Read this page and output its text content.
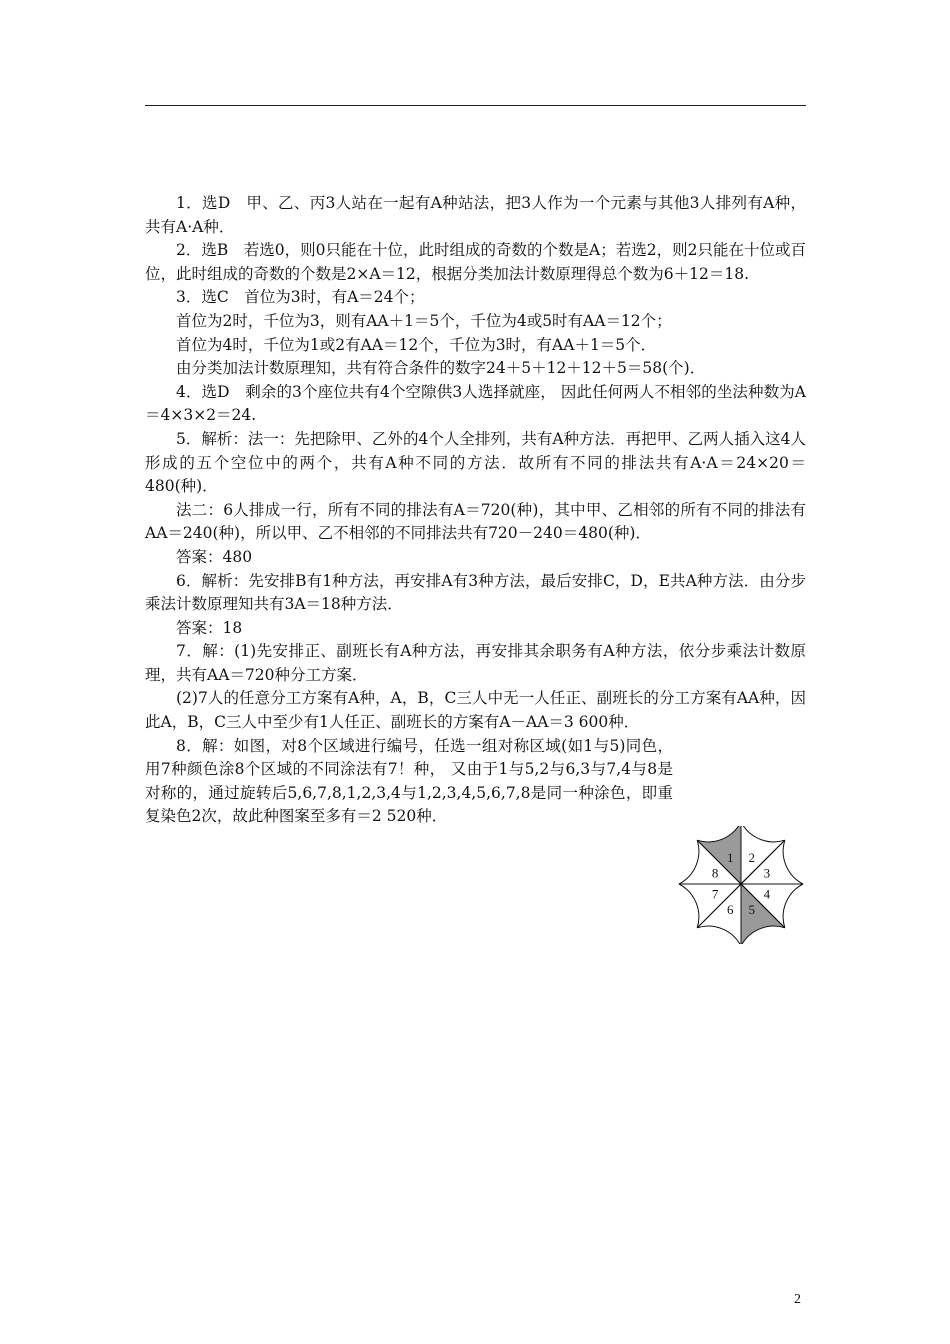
1．选D　甲、乙、丙3人站在一起有A种站法，把3人作为一个元素与其他3人排列有A种，共有A·A种．

2．选B　若选0，则0只能在十位，此时组成的奇数的个数是A；若选2，则2只能在十位或百位，此时组成的奇数的个数是2×A＝12，根据分类加法计数原理得总个数为6＋12＝18.

3．选C　首位为3时，有A＝24个；

首位为2时，千位为3，则有AA＋1＝5个，千位为4或5时有AA＝12个；

首位为4时，千位为1或2有AA＝12个，千位为3时，有AA＋1＝5个．

由分类加法计数原理知，共有符合条件的数字24＋5＋12＋12＋5＝58(个)．

4．选D　剩余的3个座位共有4个空隙供3人选择就座， 因此任何两人不相邻的坐法种数为A＝4×3×2＝24.

5．解析：法一：先把除甲、乙外的4个人全排列，共有A种方法．再把甲、乙两人插入这4人形成的五个空位中的两个，共有A种不同的方法．故所有不同的排法共有A·A＝24×20＝480(种)．

法二：6人排成一行，所有不同的排法有A＝720(种)，其中甲、乙相邻的所有不同的排法有AA＝240(种)，所以甲、乙不相邻的不同排法共有720－240＝480(种)．

答案：480

6．解析：先安排B有1种方法，再安排A有3种方法，最后安排C，D，E共A种方法．由分步乘法计数原理知共有3A＝18种方法．

答案：18

7．解：(1)先安排正、副班长有A种方法，再安排其余职务有A种方法，依分步乘法计数原理，共有AA＝720种分工方案．

(2)7人的任意分工方案有A种，A，B，C三人中无一人任正、副班长的分工方案有AA种，因此A，B，C三人中至少有1人任正、副班长的方案有A－AA＝3 600种．

8．解：如图，对8个区域进行编号，任选一组对称区域(如1与5)同色，用7种颜色涂8个区域的不同涂法有7！种， 又由于1与5,2与6,3与7,4与8是对称的，通过旋转后5,6,7,8,1,2,3,4与1,2,3,4,5,6,7,8是同一种涂色，即重复染色2次，故此种图案至多有＝2 520种．

2
3
4
5
6
7
8
1
2
